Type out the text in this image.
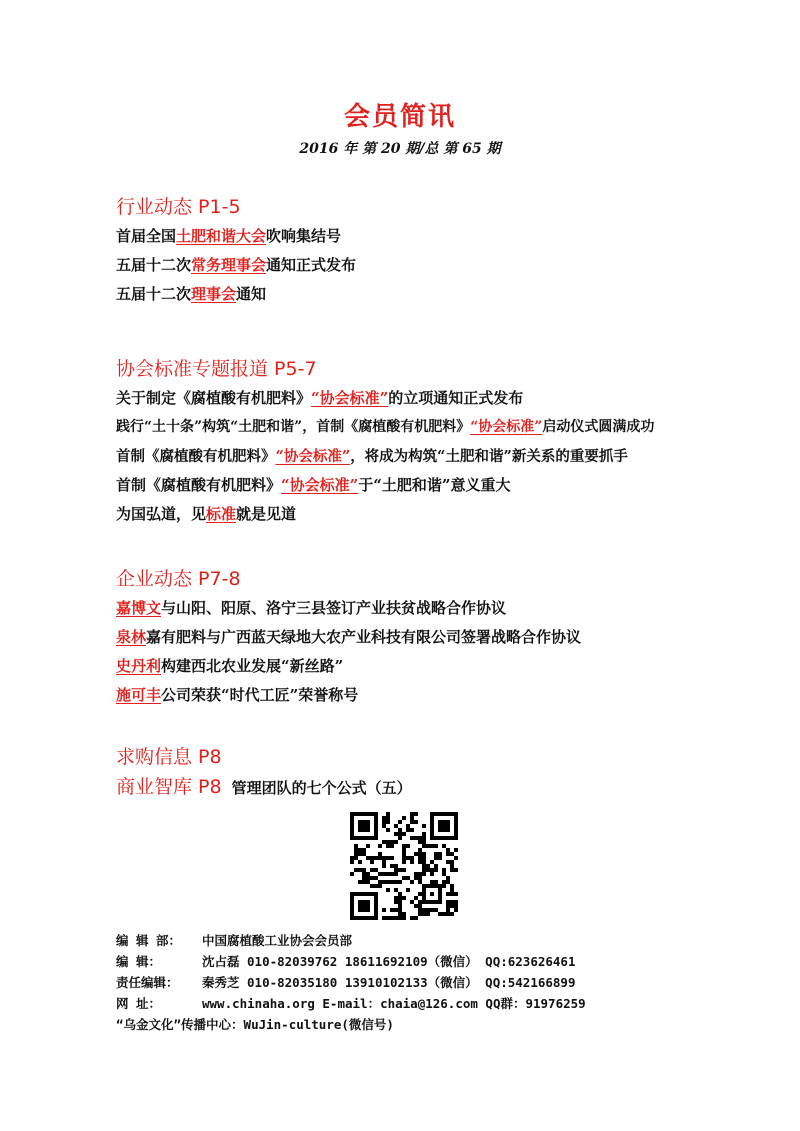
会员简讯
2016 年 第 20 期/总 第 65 期
行业动态 P1-5
首届全国土肥和谐大会吹响集结号
五届十二次常务理事会通知正式发布
五届十二次理事会通知
协会标准专题报道 P5-7
关于制定《腐植酸有机肥料》“协会标准”的立项通知正式发布
践行“土十条”构筑“土肥和谐”，首制《腐植酸有机肥料》“协会标准”启动仪式圆满成功
首制《腐植酸有机肥料》“协会标准”，将成为构筑“土肥和谐”新关系的重要抓手
首制《腐植酸有机肥料》“协会标准”于“土肥和谐”意义重大
为国弘道，见标准就是见道
企业动态 P7-8
嘉博文与山阳、阳原、洛宁三县签订产业扶贫战略合作协议
泉林嘉有肥料与广西蓝天绿地大农产业科技有限公司签署战略合作协议
史丹利构建西北农业发展“新丝路”
施可丰公司荣获“时代工匠”荣誉称号
求购信息 P8
商业智库 P8 管理团队的七个公式（五）
编 辑 部： 中国腐植酸工业协会会员部
编 辑：	沈占磊 010-82039762 18611692109（微信） QQ:623626461
责任编辑： 秦秀芝 010-82035180 13910102133（微信） QQ:542166899
网 址：	www.chinaha.org E-mail：chaia@126.com QQ群：91976259
“乌金文化”传播中心：WuJin-culture(微信号)
